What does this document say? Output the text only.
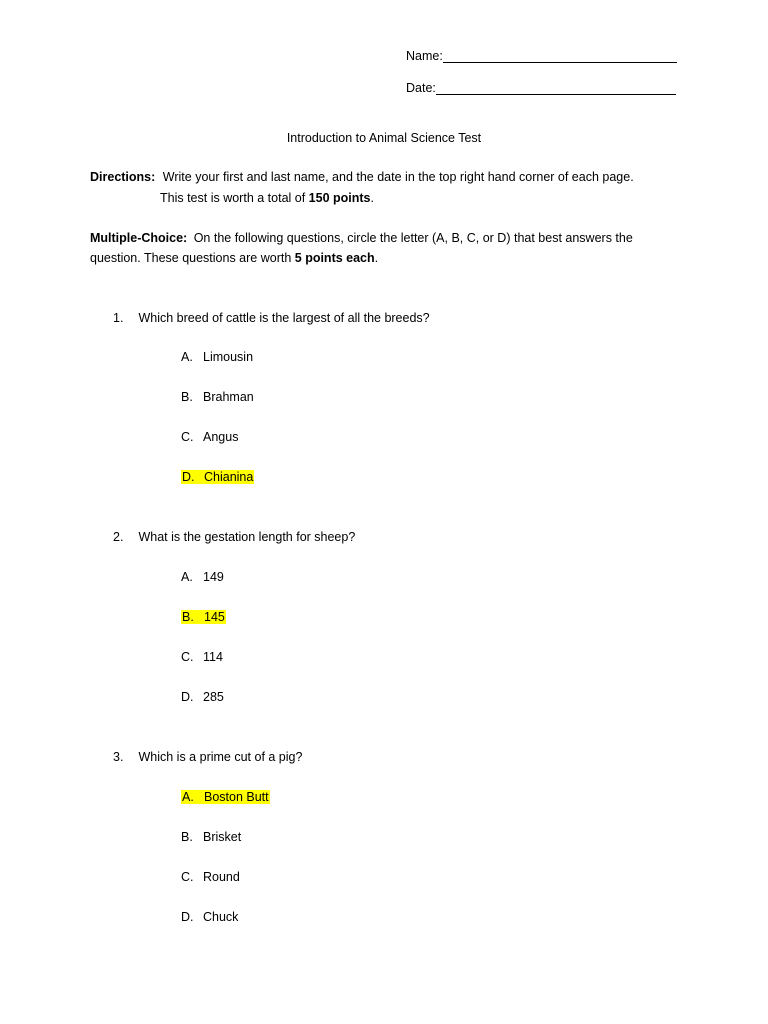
Name:
Date:
Introduction to Animal Science Test
Directions: Write your first and last name, and the date in the top right hand corner of each page.
This test is worth a total of 150 points.
Multiple-Choice: On the following questions, circle the letter (A, B, C, or D) that best answers the
question. These questions are worth 5 points each.
1. Which breed of cattle is the largest of all the breeds?
A. Limousin
B. Brahman
C. Angus
D. Chianina
2. What is the gestation length for sheep?
A. 149
B. 145
C. 114
D. 285
3. Which is a prime cut of a pig?
A. Boston Butt
B. Brisket
C. Round
D. Chuck
